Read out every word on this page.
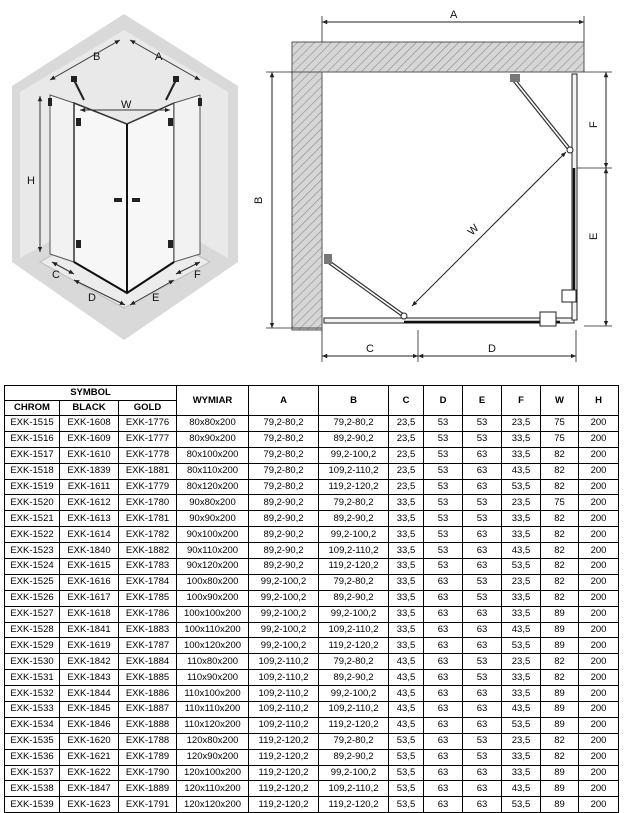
B	A
W
H
C
D	E
F
A
B
C	D
F
E
W
SYMBOL			WYMIAR	A	B	C	D	E	F	W	H
CHROM	BLACK	GOLD									
EXK-1515	EXK-1608	EXK-1776	80x80x200	79,2-80,2	79,2-80,2	23,5	53	53	23,5	75	200
EXK-1516	EXK-1609	EXK-1777	80x90x200	79,2-80,2	89,2-90,2	23,5	53	53	33,5	75	200
EXK-1517	EXK-1610	EXK-1778	80x100x200	79,2-80,2	99,2-100,2	23,5	53	63	33,5	82	200
EXK-1518	EXK-1839	EXK-1881	80x110x200	79,2-80,2	109,2-110,2	23,5	53	63	43,5	82	200
EXK-1519	EXK-1611	EXK-1779	80x120x200	79,2-80,2	119,2-120,2	23,5	53	63	53,5	82	200
EXK-1520	EXK-1612	EXK-1780	90x80x200	89,2-90,2	79,2-80,2	33,5	53	53	23,5	75	200
EXK-1521	EXK-1613	EXK-1781	90x90x200	89,2-90,2	89,2-90,2	33,5	53	53	33,5	82	200
EXK-1522	EXK-1614	EXK-1782	90x100x200	89,2-90,2	99,2-100,2	33,5	53	63	33,5	82	200
EXK-1523	EXK-1840	EXK-1882	90x110x200	89,2-90,2	109,2-110,2	33,5	53	63	43,5	82	200
EXK-1524	EXK-1615	EXK-1783	90x120x200	89,2-90,2	119,2-120,2	33,5	53	63	53,5	82	200
EXK-1525	EXK-1616	EXK-1784	100x80x200	99,2-100,2	79,2-80,2	33,5	63	53	23,5	82	200
EXK-1526	EXK-1617	EXK-1785	100x90x200	99,2-100,2	89,2-90,2	33,5	63	53	33,5	82	200
EXK-1527	EXK-1618	EXK-1786	100x100x200	99,2-100,2	99,2-100,2	33,5	63	63	33,5	89	200
EXK-1528	EXK-1841	EXK-1883	100x110x200	99,2-100,2	109,2-110,2	33,5	63	63	43,5	89	200
EXK-1529	EXK-1619	EXK-1787	100x120x200	99,2-100,2	119,2-120,2	33,5	63	63	53,5	89	200
EXK-1530	EXK-1842	EXK-1884	110x80x200	109,2-110,2	79,2-80,2	43,5	63	53	23,5	82	200
EXK-1531	EXK-1843	EXK-1885	110x90x200	109,2-110,2	89,2-90,2	43,5	63	53	33,5	82	200
EXK-1532	EXK-1844	EXK-1886	110x100x200	109,2-110,2	99,2-100,2	43,5	63	63	33,5	89	200
EXK-1533	EXK-1845	EXK-1887	110x110x200	109,2-110,2	109,2-110,2	43,5	63	63	43,5	89	200
EXK-1534	EXK-1846	EXK-1888	110x120x200	109,2-110,2	119,2-120,2	43,5	63	63	53,5	89	200
EXK-1535	EXK-1620	EXK-1788	120x80x200	119,2-120,2	79,2-80,2	53,5	63	53	23,5	82	200
EXK-1536	EXK-1621	EXK-1789	120x90x200	119,2-120,2	89,2-90,2	53,5	63	53	33,5	82	200
EXK-1537	EXK-1622	EXK-1790	120x100x200	119,2-120,2	99,2-100,2	53,5	63	63	33,5	89	200
EXK-1538	EXK-1847	EXK-1889	120x110x200	119,2-120,2	109,2-110,2	53,5	63	63	43,5	89	200
EXK-1539	EXK-1623	EXK-1791	120x120x200	119,2-120,2	119,2-120,2	53,5	63	63	53,5	89	200
